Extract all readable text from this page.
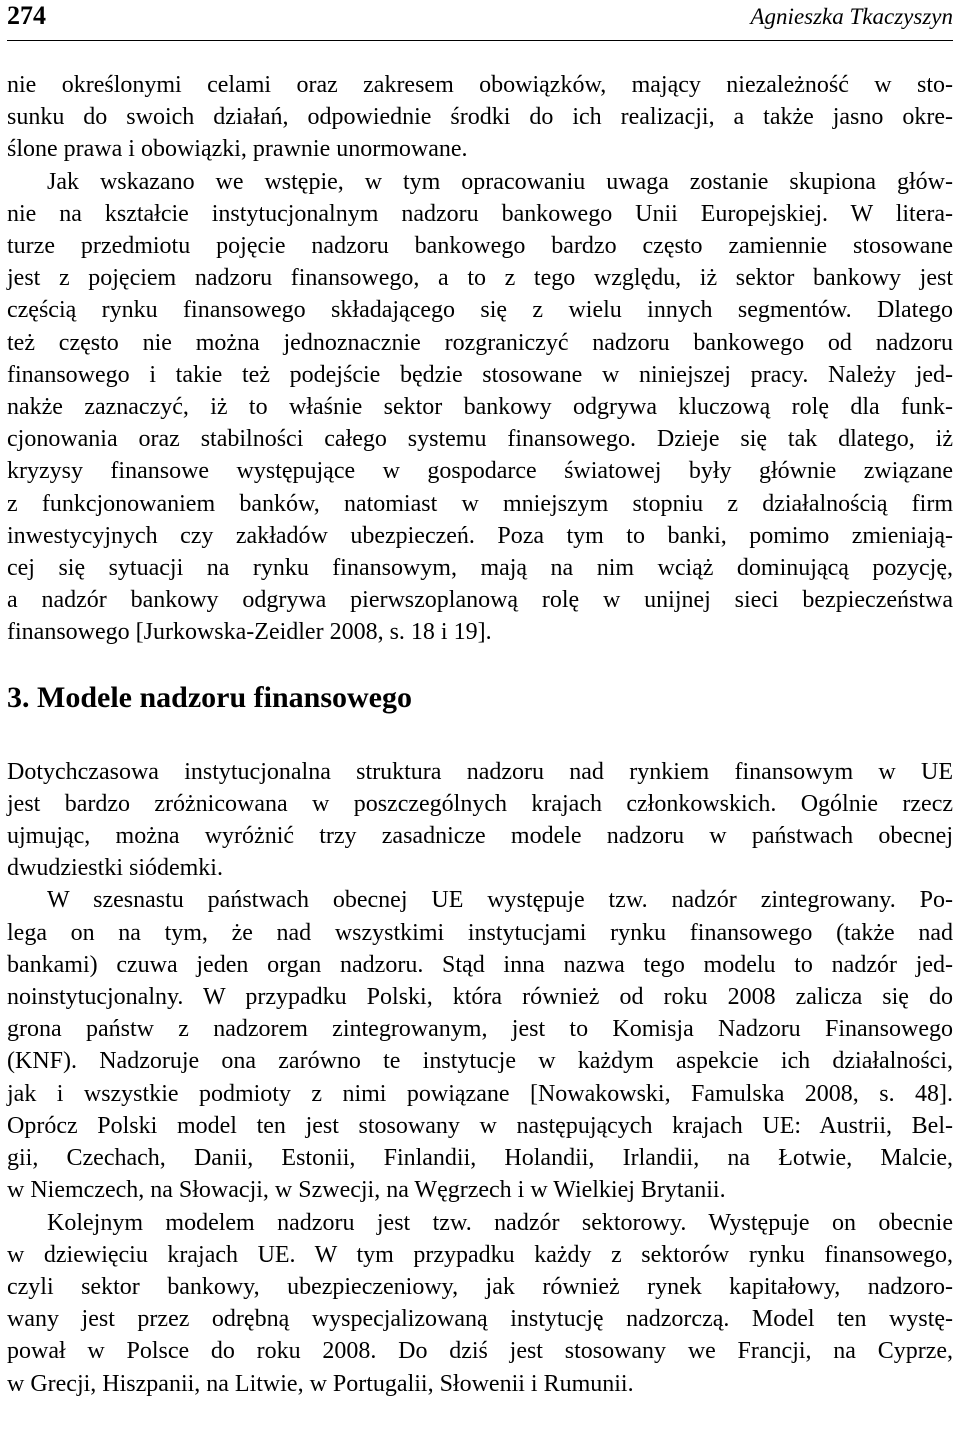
274	Agnieszka Tkaczyszyn

nie określonymi celami oraz zakresem obowiązków, mający niezależność w sto-
sunku do swoich działań, odpowiednie środki do ich realizacji, a także jasno okre-
ślone prawa i obowiązki, prawnie unormowane.

Jak wskazano we wstępie, w tym opracowaniu uwaga zostanie skupiona głów-
nie na kształcie instytucjonalnym nadzoru bankowego Unii Europejskiej. W litera-
turze przedmiotu pojęcie nadzoru bankowego bardzo często zamiennie stosowane
jest z pojęciem nadzoru finansowego, a to z tego względu, iż sektor bankowy jest
częścią rynku finansowego składającego się z wielu innych segmentów. Dlatego
też często nie można jednoznacznie rozgraniczyć nadzoru bankowego od nadzoru
finansowego i takie też podejście będzie stosowane w niniejszej pracy. Należy jed-
nakże zaznaczyć, iż to właśnie sektor bankowy odgrywa kluczową rolę dla funk-
cjonowania oraz stabilności całego systemu finansowego. Dzieje się tak dlatego, iż
kryzysy finansowe występujące w gospodarce światowej były głównie związane
z funkcjonowaniem banków, natomiast w mniejszym stopniu z działalnością firm
inwestycyjnych czy zakładów ubezpieczeń. Poza tym to banki, pomimo zmieniają-
cej się sytuacji na rynku finansowym, mają na nim wciąż dominującą pozycję,
a nadzór bankowy odgrywa pierwszoplanową rolę w unijnej sieci bezpieczeństwa
finansowego [Jurkowska-Zeidler 2008, s. 18 i 19].

3. Modele nadzoru finansowego

Dotychczasowa instytucjonalna struktura nadzoru nad rynkiem finansowym w UE
jest bardzo zróżnicowana w poszczególnych krajach członkowskich. Ogólnie rzecz
ujmując, można wyróżnić trzy zasadnicze modele nadzoru w państwach obecnej
dwudziestki siódemki.

W szesnastu państwach obecnej UE występuje tzw. nadzór zintegrowany. Po-
lega on na tym, że nad wszystkimi instytucjami rynku finansowego (także nad
bankami) czuwa jeden organ nadzoru. Stąd inna nazwa tego modelu to nadzór jed-
noinstytucjonalny. W przypadku Polski, która również od roku 2008 zalicza się do
grona państw z nadzorem zintegrowanym, jest to Komisja Nadzoru Finansowego
(KNF). Nadzoruje ona zarówno te instytucje w każdym aspekcie ich działalności,
jak i wszystkie podmioty z nimi powiązane [Nowakowski, Famulska 2008, s. 48].
Oprócz Polski model ten jest stosowany w następujących krajach UE: Austrii, Bel-
gii, Czechach, Danii, Estonii, Finlandii, Holandii, Irlandii, na Łotwie, Malcie,
w Niemczech, na Słowacji, w Szwecji, na Węgrzech i w Wielkiej Brytanii.

Kolejnym modelem nadzoru jest tzw. nadzór sektorowy. Występuje on obecnie
w dziewięciu krajach UE. W tym przypadku każdy z sektorów rynku finansowego,
czyli sektor bankowy, ubezpieczeniowy, jak również rynek kapitałowy, nadzoro-
wany jest przez odrębną wyspecjalizowaną instytucję nadzorczą. Model ten wystę-
pował w Polsce do roku 2008. Do dziś jest stosowany we Francji, na Cyprze,
w Grecji, Hiszpanii, na Litwie, w Portugalii, Słowenii i Rumunii.
